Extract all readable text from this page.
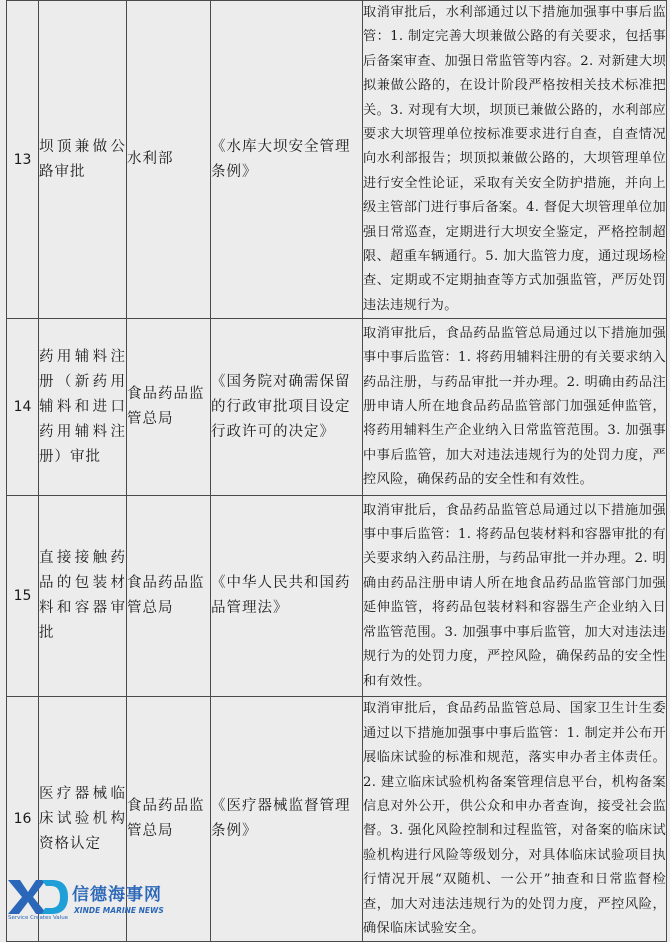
13	坝顶兼做公路审批	水利部	《水库大坝安全管理条例》	取消审批后，水利部通过以下措施加强事中事后监管：1. 制定完善大坝兼做公路的有关要求，包括事后备案审查、加强日常监管等内容。2. 对新建大坝拟兼做公路的，在设计阶段严格按相关技术标准把关。3. 对现有大坝，坝顶已兼做公路的，水利部应要求大坝管理单位按标准要求进行自查，自查情况向水利部报告；坝顶拟兼做公路的，大坝管理单位进行安全性论证，采取有关安全防护措施，并向上级主管部门进行事后备案。4. 督促大坝管理单位加强日常巡查，定期进行大坝安全鉴定，严格控制超限、超重车辆通行。5. 加大监管力度，通过现场检查、定期或不定期抽查等方式加强监管，严厉处罚违法违规行为。
14	药用辅料注册（新药用辅料和进口药用辅料注册）审批	食品药品监管总局	《国务院对确需保留的行政审批项目设定行政许可的决定》	取消审批后，食品药品监管总局通过以下措施加强事中事后监管：1. 将药用辅料注册的有关要求纳入药品注册，与药品审批一并办理。2. 明确由药品注册申请人所在地食品药品监管部门加强延伸监管，将药用辅料生产企业纳入日常监管范围。3. 加强事中事后监管，加大对违法违规行为的处罚力度，严控风险，确保药品的安全性和有效性。
15	直接接触药品的包装材料和容器审批	食品药品监管总局	《中华人民共和国药品管理法》	取消审批后，食品药品监管总局通过以下措施加强事中事后监管：1. 将药品包装材料和容器审批的有关要求纳入药品注册，与药品审批一并办理。2. 明确由药品注册申请人所在地食品药品监管部门加强延伸监管，将药品包装材料和容器生产企业纳入日常监管范围。3. 加强事中事后监管，加大对违法违规行为的处罚力度，严控风险，确保药品的安全性和有效性。
16	医疗器械临床试验机构资格认定	食品药品监管总局	《医疗器械监督管理条例》	取消审批后，食品药品监管总局、国家卫生计生委通过以下措施加强事中事后监管：1. 制定并公布开展临床试验的标准和规范，落实申办者主体责任。2. 建立临床试验机构备案管理信息平台，机构备案信息对外公开，供公众和申办者查询，接受社会监督。3. 强化风险控制和过程监管，对备案的临床试验机构进行风险等级划分，对具体临床试验项目执行情况开展“双随机、一公开”抽查和日常监督检查，加大对违法违规行为的处罚力度，严控风险，确保临床试验安全。
信德海事网
XINDE MARINE NEWS
Service Creates Value
